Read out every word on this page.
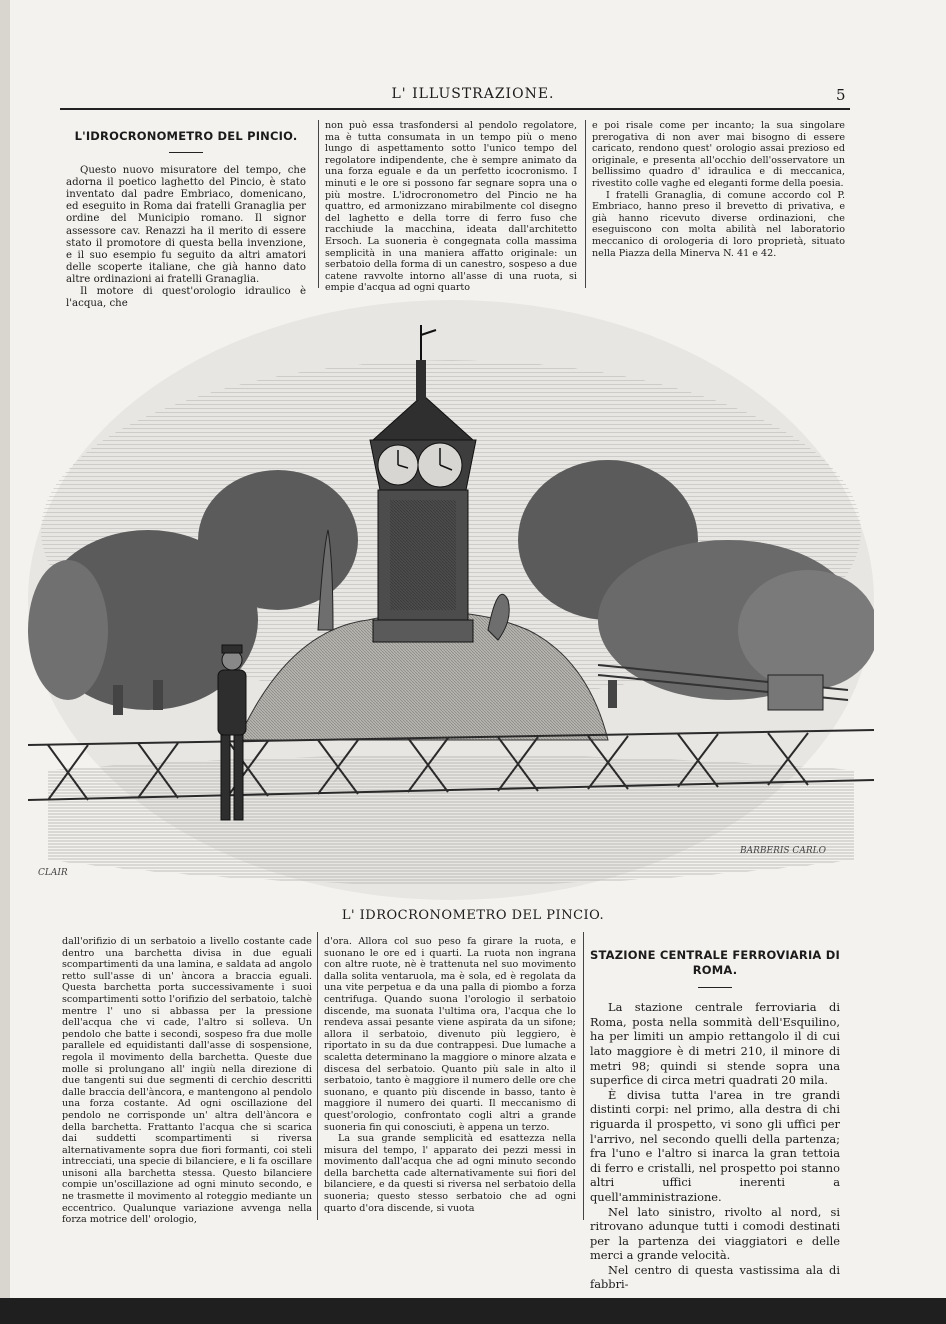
L' ILLUSTRAZIONE.	5
L'IDROCRONOMETRO DEL PINCIO.

Questo nuovo misuratore del tempo, che adorna il poetico laghetto del Pincio, è stato inventato dal padre Embriaco, domenicano, ed eseguito in Roma dai fratelli Granaglia per ordine del Municipio romano. Il signor assessore cav. Renazzi ha il merito di essere stato il promotore di questa bella invenzione, e il suo esempio fu seguito da altri amatori delle scoperte italiane, che già hanno dato altre ordinazioni ai fratelli Granaglia.

Il motore di quest'orologio idraulico è l'acqua, che

non può essa trasfondersi al pendolo regolatore, ma è tutta consumata in un tempo più o meno lungo di aspettamento sotto l'unico tempo del regolatore indipendente, che è sempre animato da una forza eguale e da un perfetto icocronismo. I minuti e le ore si possono far segnare sopra una o più mostre. L'idrocronometro del Pincio ne ha quattro, ed armonizzano mirabilmente col disegno del laghetto e della torre di ferro fuso che racchiude la macchina, ideata dall'architetto Ersoch. La suoneria è congegnata colla massima semplicità in una maniera affatto originale: un serbatoio della forma di un canestro, sospeso a due catene ravvolte intorno all'asse di una ruota, si empie d'acqua ad ogni quarto

e poi risale come per incanto; la sua singolare prerogativa di non aver mai bisogno di essere caricato, rendono quest' orologio assai prezioso ed originale, e presenta all'occhio dell'osservatore un bellissimo quadro d' idraulica e di meccanica, rivestito colle vaghe ed eleganti forme della poesia.

I fratelli Granaglia, di comune accordo col P. Embriaco, hanno preso il brevetto di privativa, e già hanno ricevuto diverse ordinazioni, che eseguiscono con molta abilità nel laboratorio meccanico di orologeria di loro proprietà, situato nella Piazza della Minerva N. 41 e 42.

CLAIR
BARBERIS CARLO
L' IDROCRONOMETRO DEL PINCIO.

dall'orifizio di un serbatoio a livello costante cade dentro una barchetta divisa in due eguali scompartimenti da una lamina, e saldata ad angolo retto sull'asse di un' àncora a braccia eguali. Questa barchetta porta successivamente i suoi scompartimenti sotto l'orifizio del serbatoio, talchè mentre l' uno si abbassa per la pressione dell'acqua che vi cade, l'altro si solleva. Un pendolo che batte i secondi, sospeso fra due molle parallele ed equidistanti dall'asse di sospensione, regola il movimento della barchetta. Queste due molle si prolungano all' ingiù nella direzione di due tangenti sui due segmenti di cerchio descritti dalle braccia dell'àncora, e mantengono al pendolo una forza costante. Ad ogni oscillazione del pendolo ne corrisponde un' altra dell'àncora e della barchetta. Frattanto l'acqua che si scarica dai suddetti scompartimenti si riversa alternativamente sopra due fiori formanti, coi steli intrecciati, una specie di bilanciere, e li fa oscillare unisoni alla barchetta stessa. Questo bilanciere compie un'oscillazione ad ogni minuto secondo, e ne trasmette il movimento al roteggio mediante un eccentrico. Qualunque variazione avvenga nella forza motrice dell' orologio,

d'ora. Allora col suo peso fa girare la ruota, e suonano le ore ed i quarti. La ruota non ingrana con altre ruote, nè è trattenuta nel suo movimento dalla solita ventaruola, ma è sola, ed è regolata da una vite perpetua e da una palla di piombo a forza centrifuga. Quando suona l'orologio il serbatoio discende, ma suonata l'ultima ora, l'acqua che lo rendeva assai pesante viene aspirata da un sifone; allora il serbatoio, divenuto più leggiero, è riportato in su da due contrappesi. Due lumache a scaletta determinano la maggiore o minore alzata e discesa del serbatoio. Quanto più sale in alto il serbatoio, tanto è maggiore il numero delle ore che suonano, e quanto più discende in basso, tanto è maggiore il numero dei quarti. Il meccanismo di quest'orologio, confrontato cogli altri a grande suoneria fin qui conosciuti, è appena un terzo.

La sua grande semplicità ed esattezza nella misura del tempo, l' apparato dei pezzi messi in movimento dall'acqua che ad ogni minuto secondo della barchetta cade alternativamente sui fiori del bilanciere, e da questi si riversa nel serbatoio della suoneria; questo stesso serbatoio che ad ogni quarto d'ora discende, si vuota

STAZIONE CENTRALE FERROVIARIA DI ROMA.

La stazione centrale ferroviaria di Roma, posta nella sommità dell'Esquilino, ha per limiti un ampio rettangolo il di cui lato maggiore è di metri 210, il minore di metri 98; quindi si stende sopra una superfice di circa metri quadrati 20 mila.

È divisa tutta l'area in tre grandi distinti corpi: nel primo, alla destra di chi riguarda il prospetto, vi sono gli uffici per l'arrivo, nel secondo quelli della partenza; fra l'uno e l'altro si inarca la gran tettoia di ferro e cristalli, nel prospetto poi stanno altri uffici inerenti a quell'amministrazione.

Nel lato sinistro, rivolto al nord, si ritrovano adunque tutti i comodi destinati per la partenza dei viaggiatori e delle merci a grande velocità.

Nel centro di questa vastissima ala di fabbri-
